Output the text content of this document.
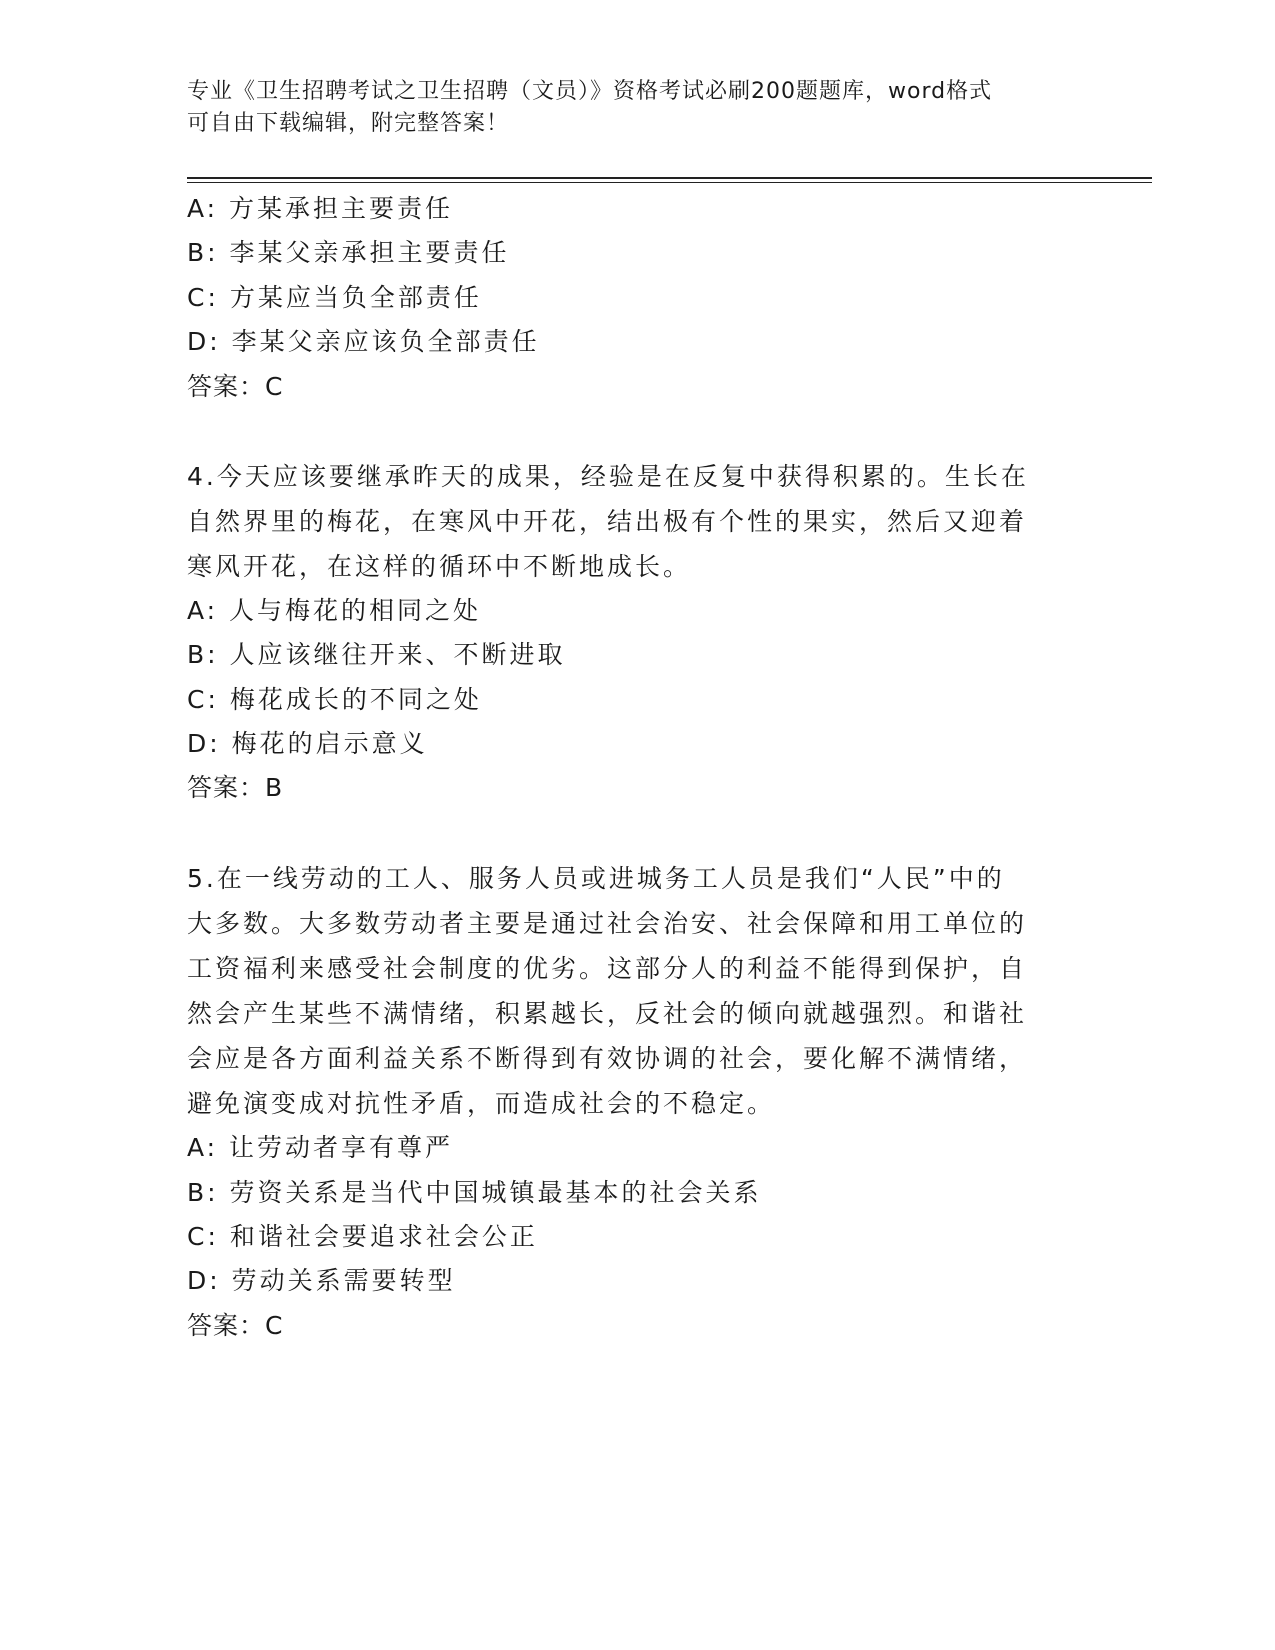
专业《卫生招聘考试之卫生招聘（文员）》资格考试必刷200题题库，word格式
可自由下载编辑，附完整答案！
A: 方某承担主要责任
B: 李某父亲承担主要责任
C: 方某应当负全部责任
D: 李某父亲应该负全部责任
答案：C
4.今天应该要继承昨天的成果，经验是在反复中获得积累的。生长在
自然界里的梅花，在寒风中开花，结出极有个性的果实，然后又迎着
寒风开花，在这样的循环中不断地成长。
A: 人与梅花的相同之处
B: 人应该继往开来、不断进取
C: 梅花成长的不同之处
D: 梅花的启示意义
答案：B
5.在一线劳动的工人、服务人员或进城务工人员是我们“人民”中的
大多数。大多数劳动者主要是通过社会治安、社会保障和用工单位的
工资福利来感受社会制度的优劣。这部分人的利益不能得到保护，自
然会产生某些不满情绪，积累越长，反社会的倾向就越强烈。和谐社
会应是各方面利益关系不断得到有效协调的社会，要化解不满情绪，
避免演变成对抗性矛盾，而造成社会的不稳定。
A: 让劳动者享有尊严
B: 劳资关系是当代中国城镇最基本的社会关系
C: 和谐社会要追求社会公正
D: 劳动关系需要转型
答案：C
